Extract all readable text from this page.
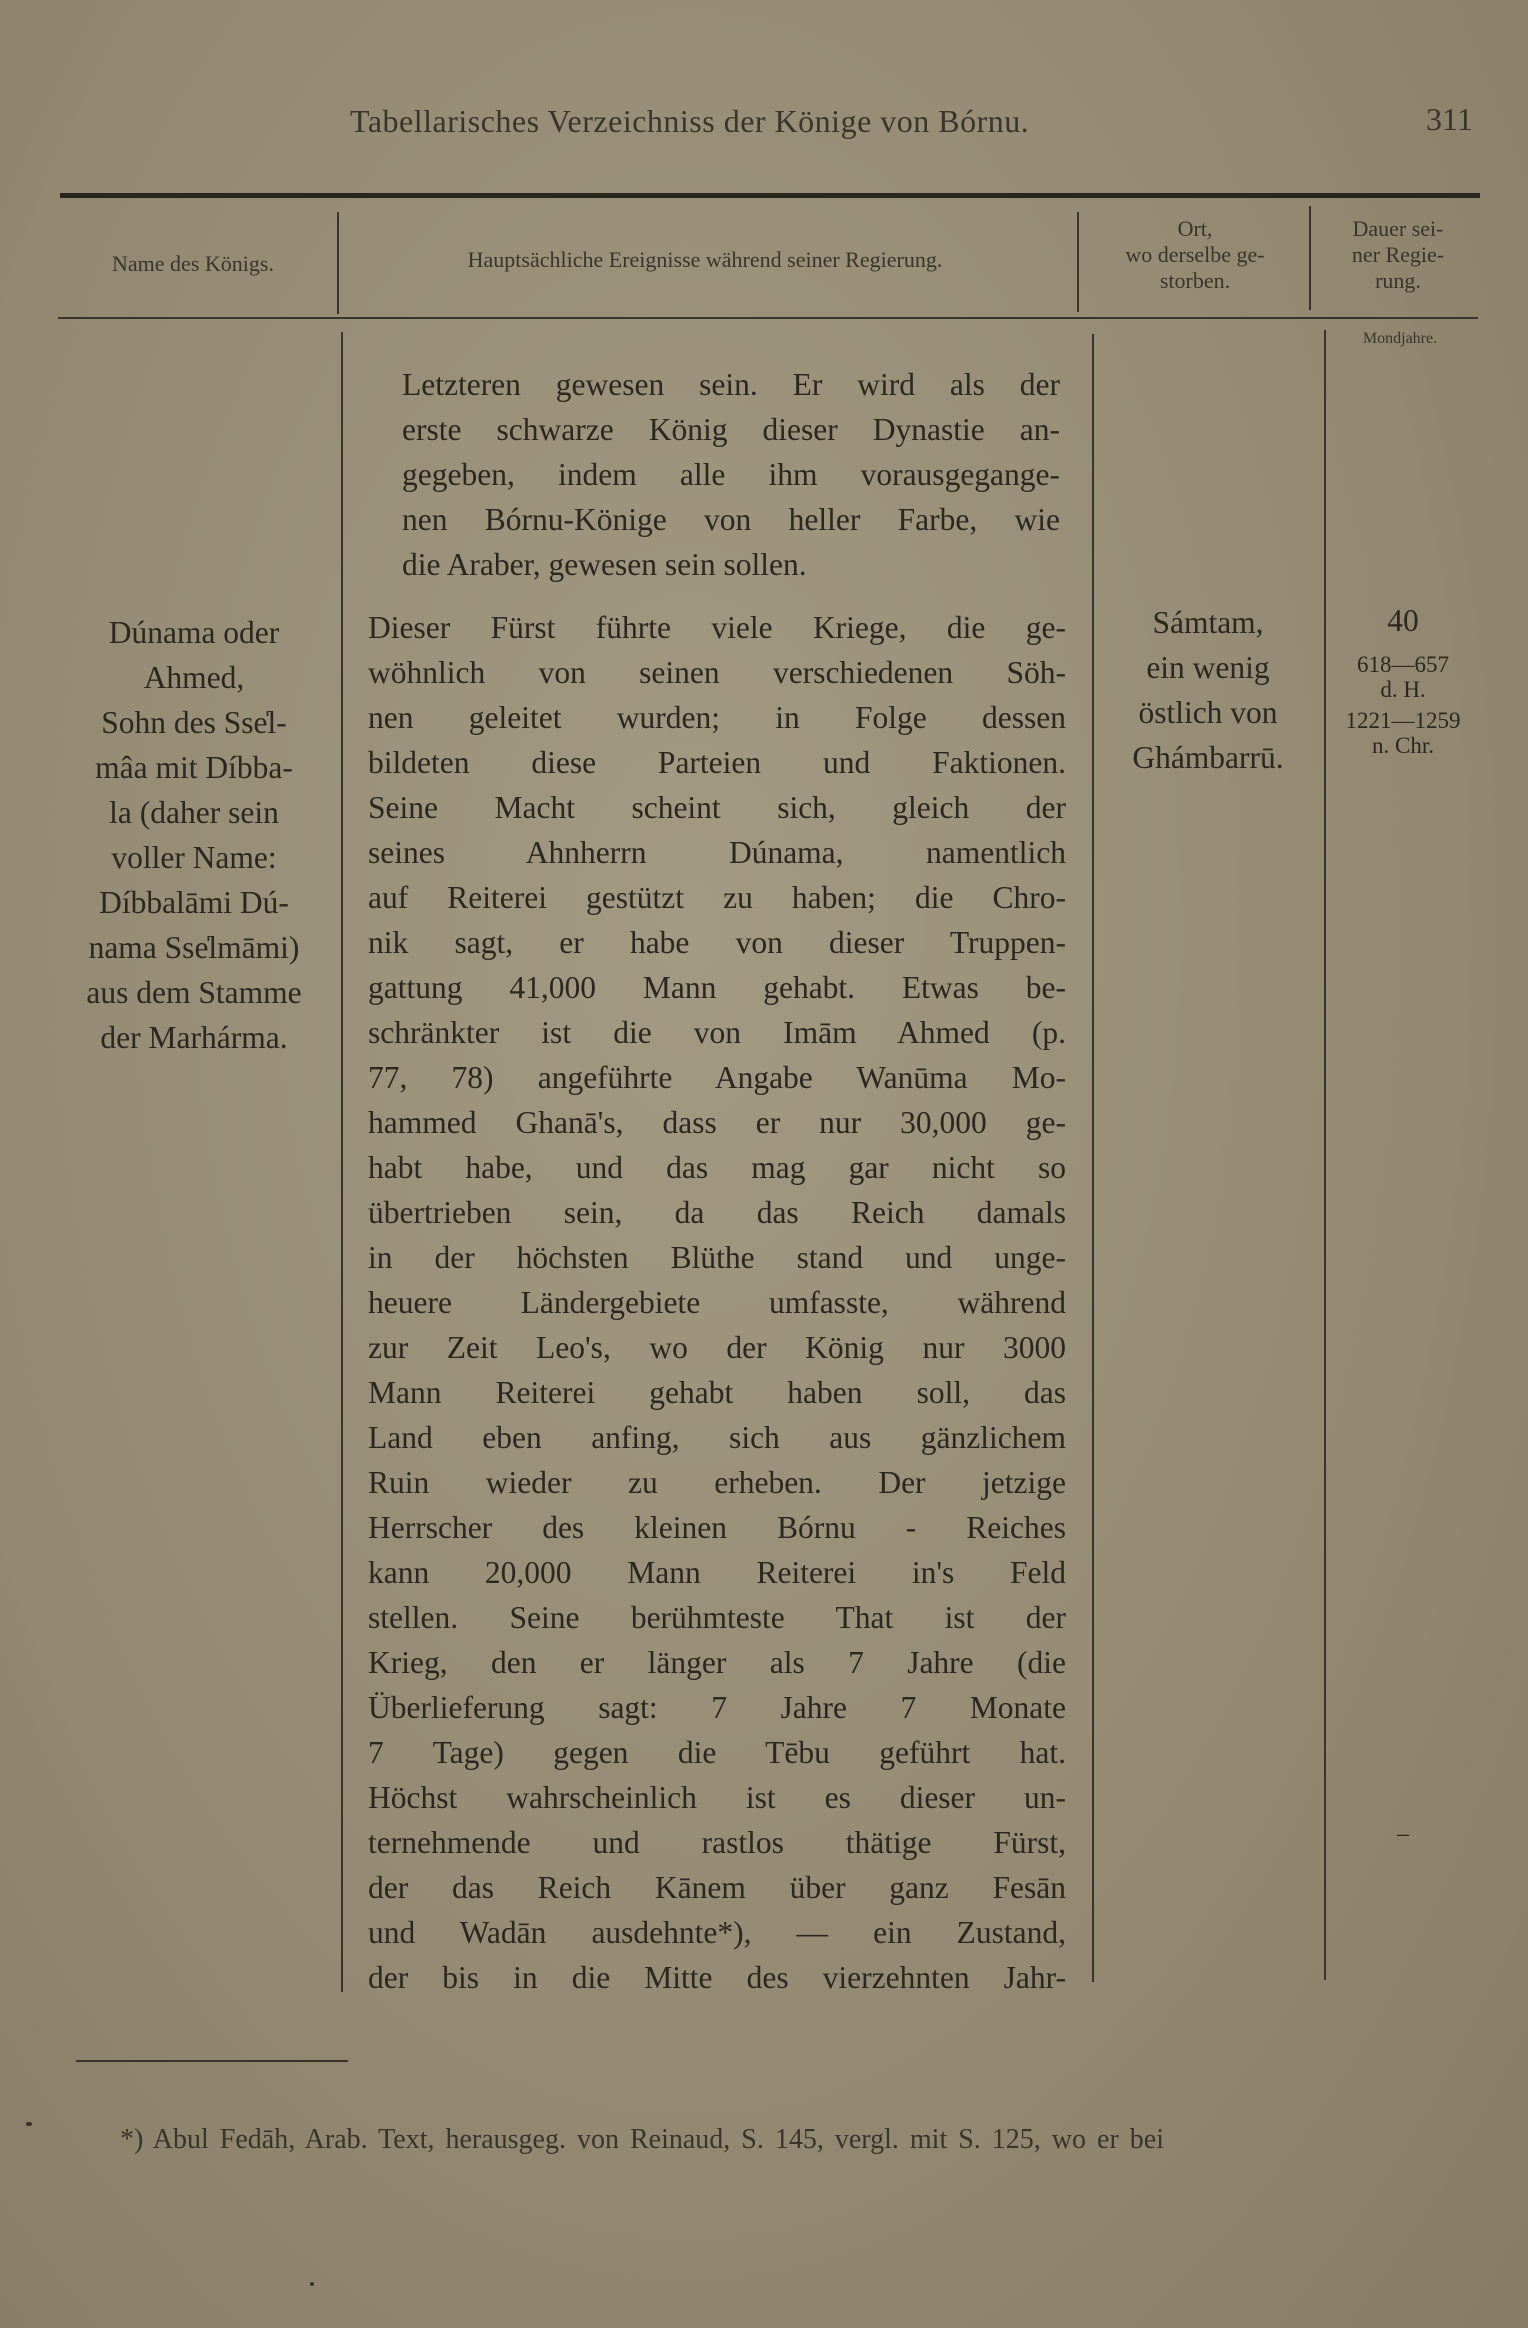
Tabellarisches Verzeichniss der Könige von Bórnu.	311
Name des Königs.	Hauptsächliche Ereignisse während seiner Regierung.
Ort,
wo derselbe ge-
storben.
Dauer sei-
ner Regie-
rung.
Mondjahre.
Letzteren gewesen sein. Er wird als der
erste schwarze König dieser Dynastie an-
gegeben, indem alle ihm vorausgegange-
nen Bórnu-Könige von heller Farbe, wie
die Araber, gewesen sein sollen.
Dúnama oder
Ahmed,
Sohn des Sse̍l-
mâa mit Díbba-
la (daher sein
voller Name:
Díbbalāmi Dú-
nama Sse̍lmāmi)
aus dem Stamme
der Marhárma.
Dieser Fürst führte viele Kriege, die ge-
wöhnlich von seinen verschiedenen Söh-
nen geleitet wurden; in Folge dessen
bildeten diese Parteien und Faktionen.
Seine Macht scheint sich, gleich der
seines Ahnherrn Dúnama, namentlich
auf Reiterei gestützt zu haben; die Chro-
nik sagt, er habe von dieser Truppen-
gattung 41,000 Mann gehabt. Etwas be-
schränkter ist die von Imām Ahmed (p.
77, 78) angeführte Angabe Wanūma Mo-
hammed Ghanā's, dass er nur 30,000 ge-
habt habe, und das mag gar nicht so
übertrieben sein, da das Reich damals
in der höchsten Blüthe stand und unge-
heuere Ländergebiete umfasste, während
zur Zeit Leo's, wo der König nur 3000
Mann Reiterei gehabt haben soll, das
Land eben anfing, sich aus gänzlichem
Ruin wieder zu erheben. Der jetzige
Herrscher des kleinen Bórnu - Reiches
kann 20,000 Mann Reiterei in's Feld
stellen. Seine berühmteste That ist der
Krieg, den er länger als 7 Jahre (die
Überlieferung sagt: 7 Jahre 7 Monate
7 Tage) gegen die Tēbu geführt hat.
Höchst wahrscheinlich ist es dieser un-
ternehmende und rastlos thätige Fürst,
der das Reich Kānem über ganz Fesān
und Wadān ausdehnte*), — ein Zustand,
der bis in die Mitte des vierzehnten Jahr-
Sámtam,
ein wenig
östlich von
Ghámbarrū.
40
618—657
d. H.
1221—1259
n. Chr.
–
*) Abul Fedāh, Arab. Text, herausgeg. von Reinaud, S. 145, vergl. mit S. 125, wo er bei
